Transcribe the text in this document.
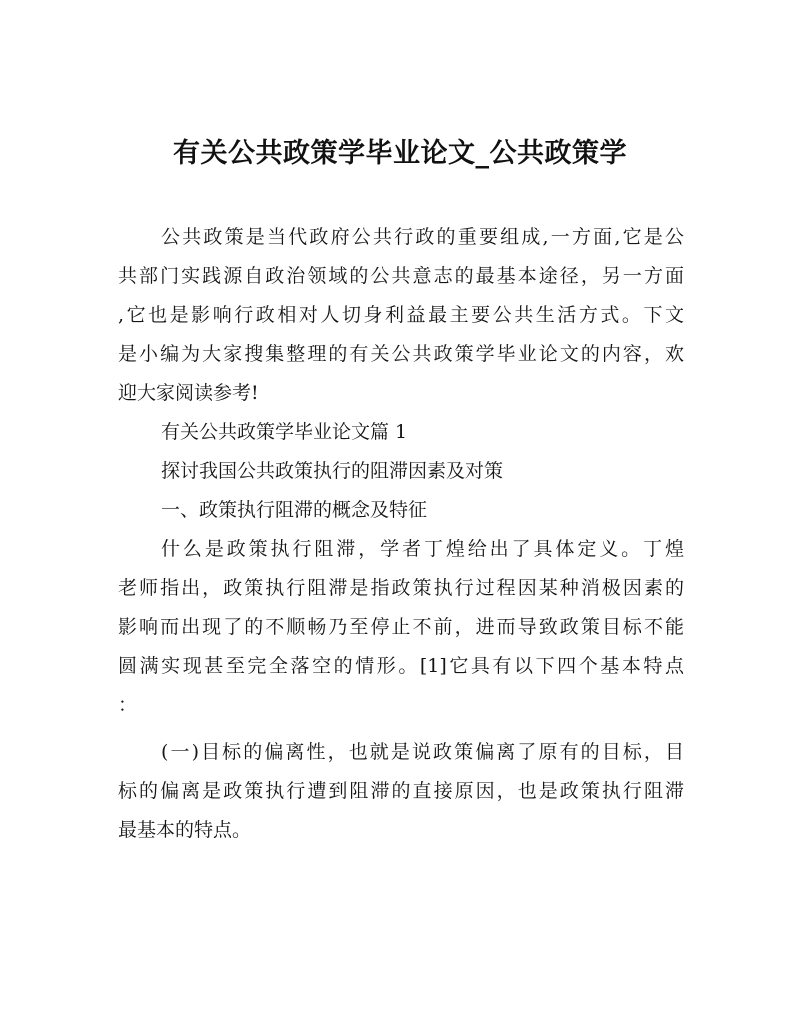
有关公共政策学毕业论文_公共政策学
公共政策是当代政府公共行政的重要组成,一方面,它是公
共部门实践源自政治领域的公共意志的最基本途径，另一方面
,它也是影响行政相对人切身利益最主要公共生活方式。下文
是小编为大家搜集整理的有关公共政策学毕业论文的内容，欢
迎大家阅读参考!
有关公共政策学毕业论文篇 1
探讨我国公共政策执行的阻滞因素及对策
一、政策执行阻滞的概念及特征
什么是政策执行阻滞，学者丁煌给出了具体定义。丁煌
老师指出，政策执行阻滞是指政策执行过程因某种消极因素的
影响而出现了的不顺畅乃至停止不前，进而导致政策目标不能
圆满实现甚至完全落空的情形。[1]它具有以下四个基本特点
：
(一)目标的偏离性，也就是说政策偏离了原有的目标，目
标的偏离是政策执行遭到阻滞的直接原因，也是政策执行阻滞
最基本的特点。
